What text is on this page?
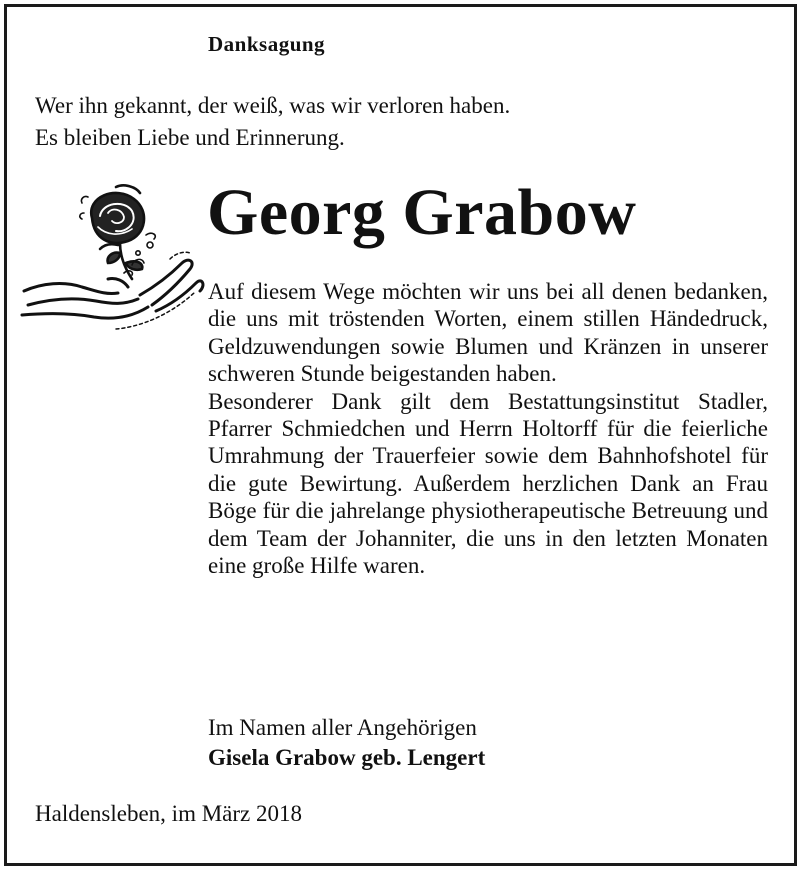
Danksagung
Wer ihn gekannt, der weiß, was wir verloren haben.
Es bleiben Liebe und Erinnerung.
Georg Grabow

Auf diesem Wege möchten wir uns bei all denen bedanken, die uns mit tröstenden Worten, einem stillen Händedruck, Geldzuwendungen sowie Blumen und Kränzen in unserer schweren Stunde beigestanden haben.

Besonderer Dank gilt dem Bestattungsinstitut Stadler, Pfarrer Schmiedchen und Herrn Holtorff für die feierliche Umrahmung der Trauerfeier sowie dem Bahnhofshotel für die gute Bewirtung. Außerdem herzlichen Dank an Frau Böge für die jahrelange physiotherapeutische Betreuung und dem Team der Johanniter, die uns in den letzten Monaten eine große Hilfe waren.

Im Namen aller Angehörigen
Gisela Grabow geb. Lengert
Haldensleben, im März 2018
